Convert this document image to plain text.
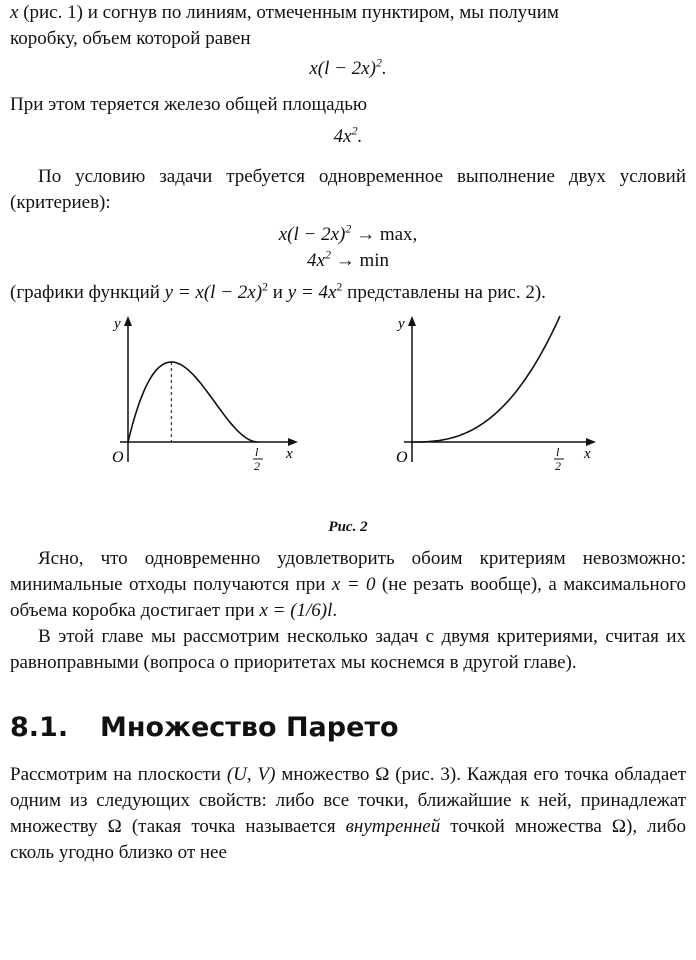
x (рис. 1) и согнув по линиям, отмеченным пунктиром, мы получим

коробку, объем которой равен

$x(l - 2x)^2$.

При этом теряется железо общей площадью

$4x^2$.

По условию задачи требуется одновременное выполнение двух условий (критериев):

$x(l - 2x)^2 \to \max$,

$4x^2 \to \min$

(графики функций $y = x(l - 2x)^2$ и $y = 4x^2$ представлены на рис. 2).

y
x
O	l
2
y
x
O	l
2
Рис. 2

Ясно, что одновременно удовлетворить обоим критериям невозможно: минимальные отходы получаются при x = 0 (не резать вообще), а максимального объема коробка достигает при x = (1/6)l.

В этой главе мы рассмотрим несколько задач с двумя критериями, считая их равноправными (вопроса о приоритетах мы коснемся в другой главе).

8.1. Множество Парето

Рассмотрим на плоскости (U, V) множество Ω (рис. 3). Каждая его точка обладает одним из следующих свойств: либо все точки, ближайшие к ней, принадлежат множеству Ω (такая точка называется внутренней точкой множества Ω), либо сколь угодно близко от нее
